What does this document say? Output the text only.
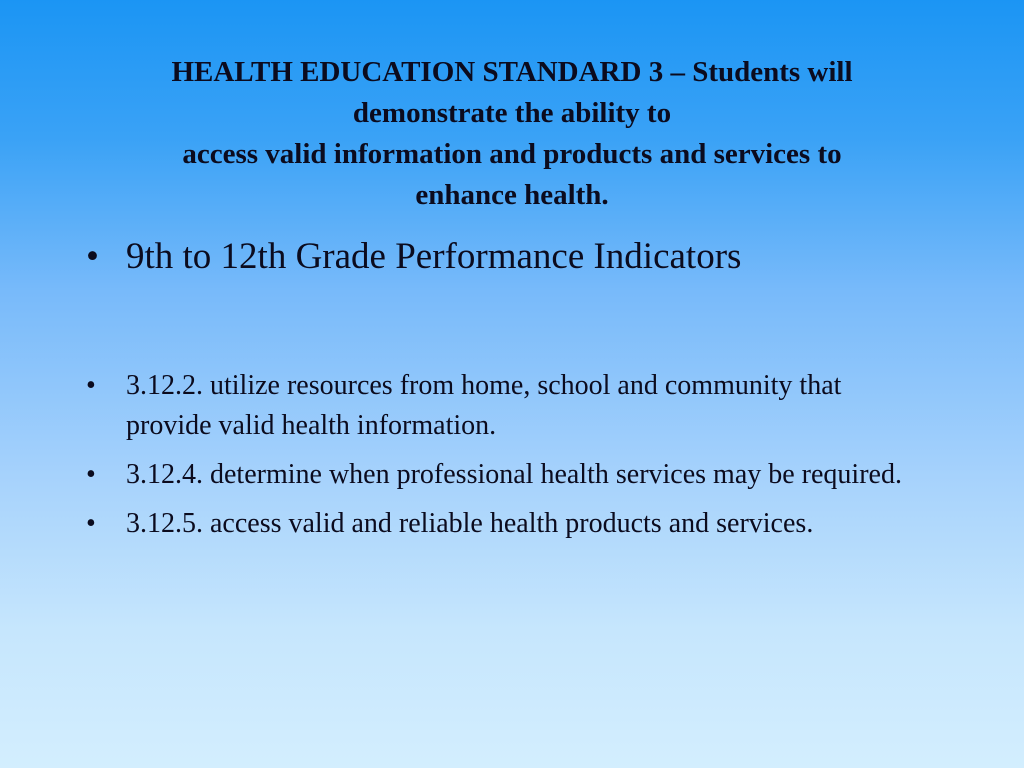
HEALTH EDUCATION STANDARD 3 – Students will
demonstrate the ability to
access valid information and products and services to
enhance health.
• 9th to 12th Grade Performance Indicators
• 3.12.2. utilize resources from home, school and community that provide valid health information.
• 3.12.4. determine when professional health services may be required.
• 3.12.5. access valid and reliable health products and services.
